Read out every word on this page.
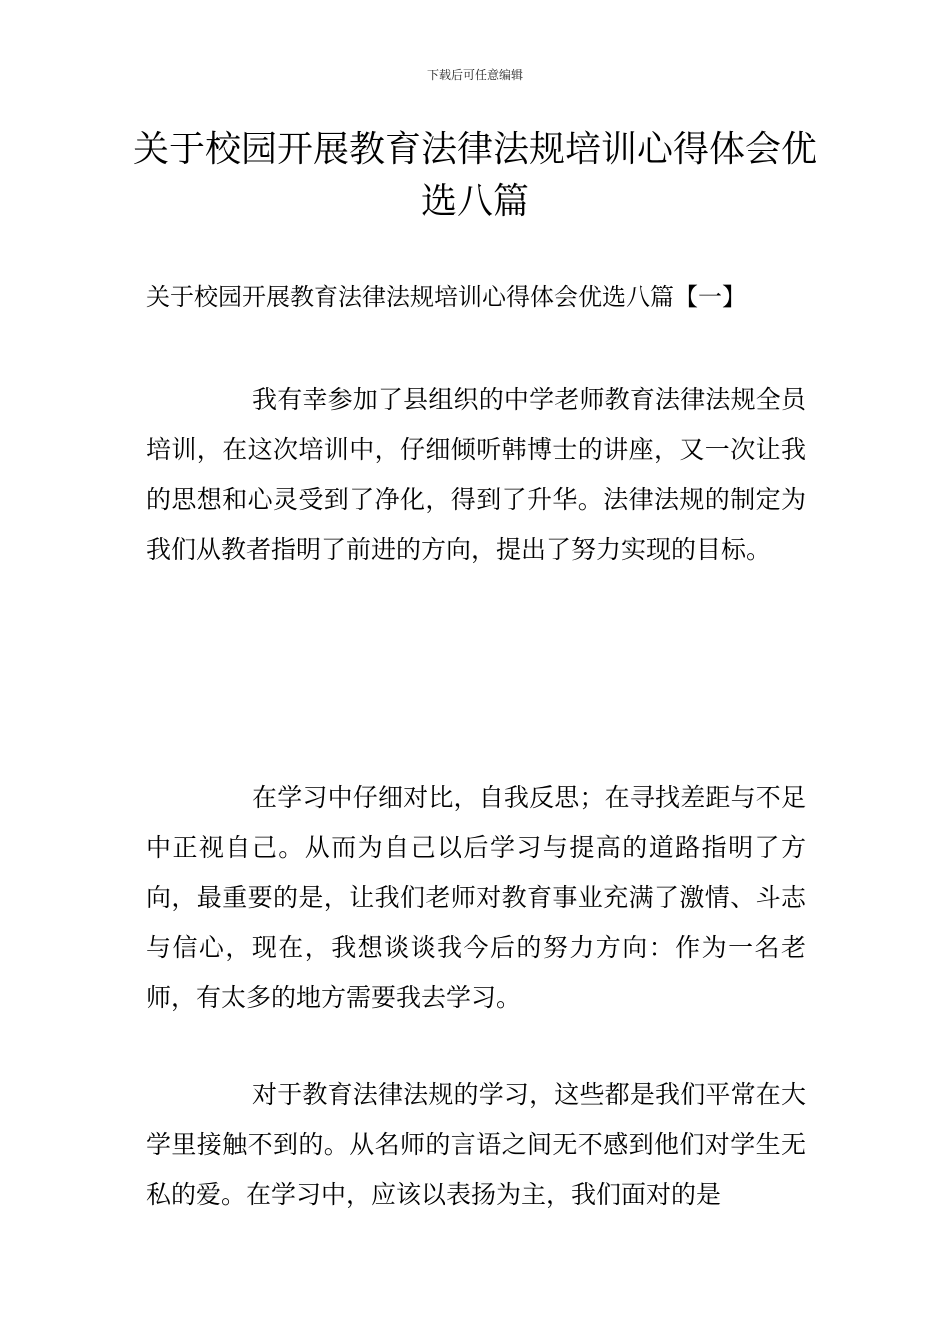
下载后可任意编辑
关于校园开展教育法律法规培训心得体会优选八篇

关于校园开展教育法律法规培训心得体会优选八篇【一】

我有幸参加了县组织的中学老师教育法律法规全员培训，在这次培训中，仔细倾听韩博士的讲座，又一次让我的思想和心灵受到了净化，得到了升华。法律法规的制定为我们从教者指明了前进的方向，提出了努力实现的目标。

在学习中仔细对比，自我反思；在寻找差距与不足中正视自己。从而为自己以后学习与提高的道路指明了方向，最重要的是，让我们老师对教育事业充满了激情、斗志与信心，现在，我想谈谈我今后的努力方向：作为一名老师，有太多的地方需要我去学习。

对于教育法律法规的学习，这些都是我们平常在大学里接触不到的。从名师的言语之间无不感到他们对学生无私的爱。在学习中，应该以表扬为主，我们面对的是
